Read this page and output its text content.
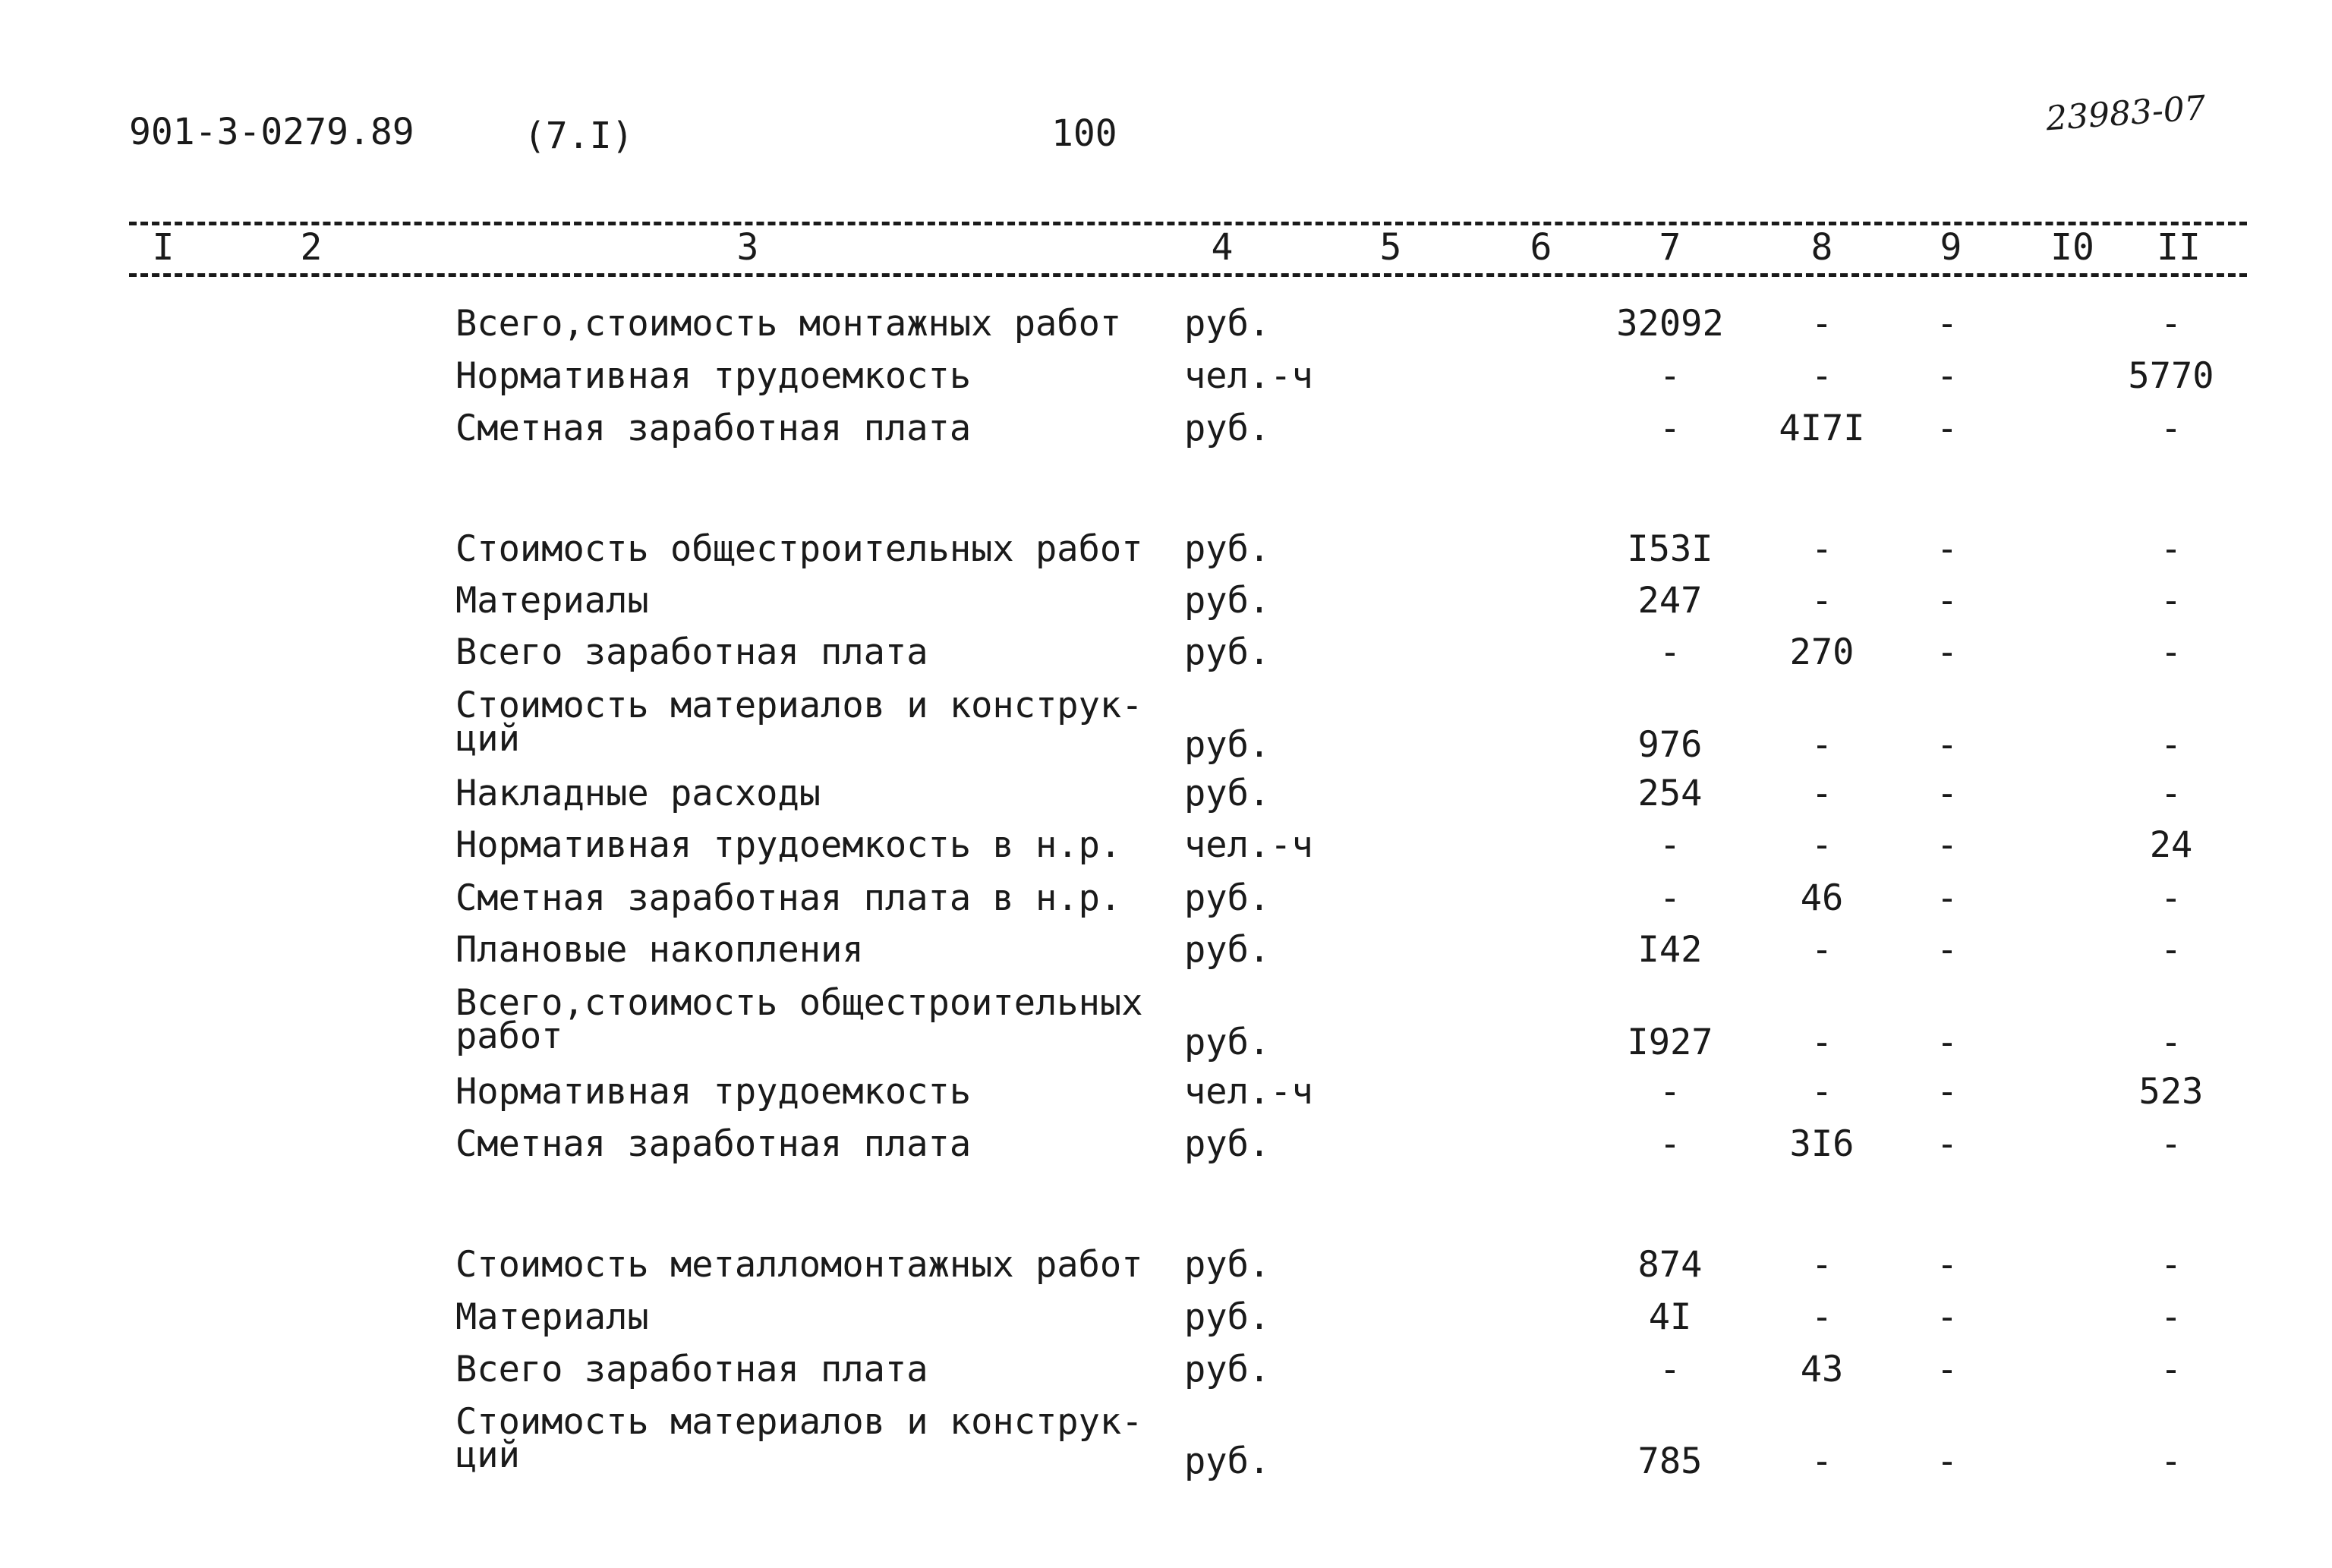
901-3-0279.89	(7.I)	100	23983-07
I	2	3	4	5	6	7	8	9 I0 II
Всего,стоимость монтажных работ руб.	32092 -	-	-
Нормативная трудоемкость	чел.-ч	-	-	-	5770
Сметная заработная плата	руб.	-	4I7I -	-
Стоимость общестроительных работ руб.	I53I	-	-	-
Материалы	руб.	247	-	-	-
Всего заработная плата	руб.	-	270 -	-
Стоимость материалов и конструк-
ций	руб.	976	-	-	-
Накладные расходы	руб.	254	-	-	-
Нормативная трудоемкость в н.р. чел.-ч	-	-	-	24
Сметная заработная плата в н.р. руб.	-	46	-	-
Плановые накопления	руб.	I42	-	-	-
Всего,стоимость общестроительных
работ	руб.	I927	-	-	-
Нормативная трудоемкость	чел.-ч	-	-	-	523
Сметная заработная плата	руб.	-	3I6 -	-
Стоимость металломонтажных работ руб.	874	-	-	-
Материалы	руб.	4I	-	-	-
Всего заработная плата	руб.	-	43	-	-
Стоимость материалов и конструк-
ций	руб.	785	-	-	-
